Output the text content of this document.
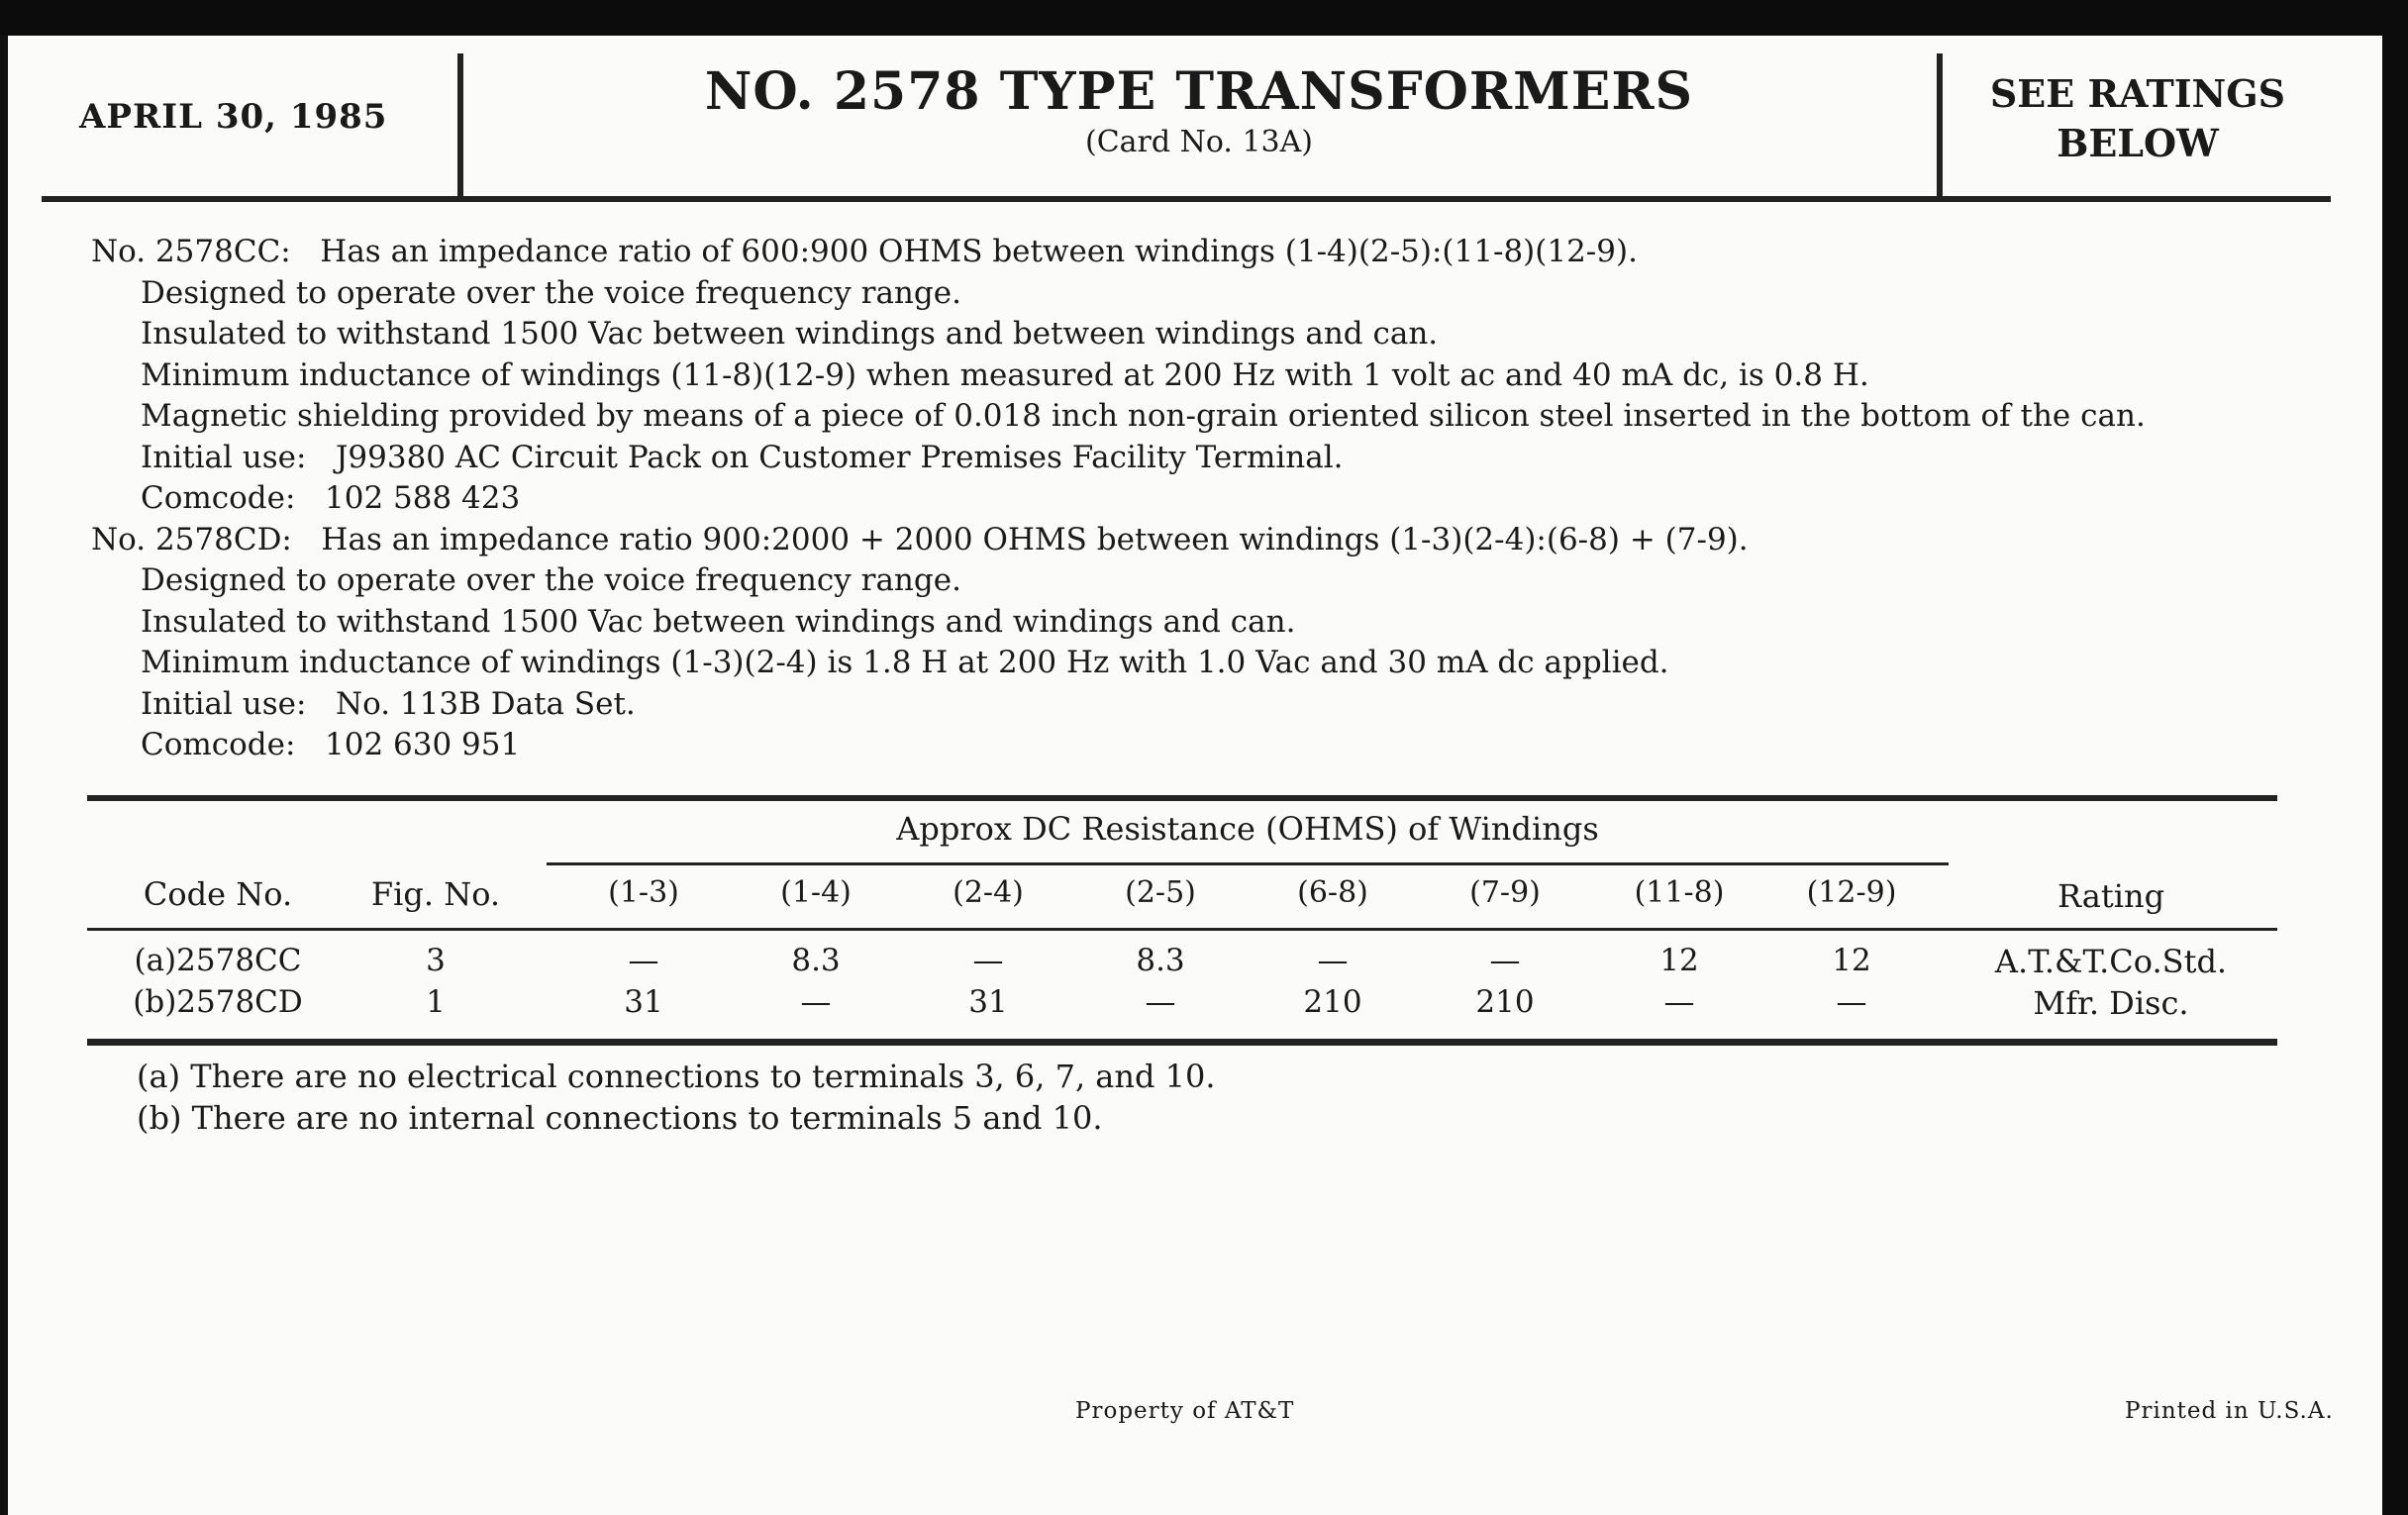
APRIL 30, 1985	NO. 2578 TYPE TRANSFORMERS
(Card No. 13A)
SEE RATINGS
BELOW
No. 2578CC:   Has an impedance ratio of 600:900 OHMS between windings (1-4)(2-5):(11-8)(12-9).
Designed to operate over the voice frequency range.
Insulated to withstand 1500 Vac between windings and between windings and can.
Minimum inductance of windings (11-8)(12-9) when measured at 200 Hz with 1 volt ac and 40 mA dc, is 0.8 H.
Magnetic shielding provided by means of a piece of 0.018 inch non-grain oriented silicon steel inserted in the bottom of the can.
Initial use:   J99380 AC Circuit Pack on Customer Premises Facility Terminal.
Comcode:   102 588 423
No. 2578CD:   Has an impedance ratio 900:2000 + 2000 OHMS between windings (1-3)(2-4):(6-8) + (7-9).
Designed to operate over the voice frequency range.
Insulated to withstand 1500 Vac between windings and windings and can.
Minimum inductance of windings (1-3)(2-4) is 1.8 H at 200 Hz with 1.0 Vac and 30 mA dc applied.
Initial use:   No. 113B Data Set.
Comcode:   102 630 951
Approx DC Resistance (OHMS) of Windings
Code No.	Fig. No.	(1-3)	(1-4)	(2-4)	(2-5)	(6-8)	(7-9)	(11-8)	(12-9)	Rating
(a)2578CC	3	—	8.3	—	8.3	—	—	12	12	A.T.&T.Co.Std.
(b)2578CD	1	31	—	31	—	210	210	—	—	Mfr. Disc.
(a) There are no electrical connections to terminals 3, 6, 7, and 10.
(b) There are no internal connections to terminals 5 and 10.
Property of AT&T	Printed in U.S.A.
